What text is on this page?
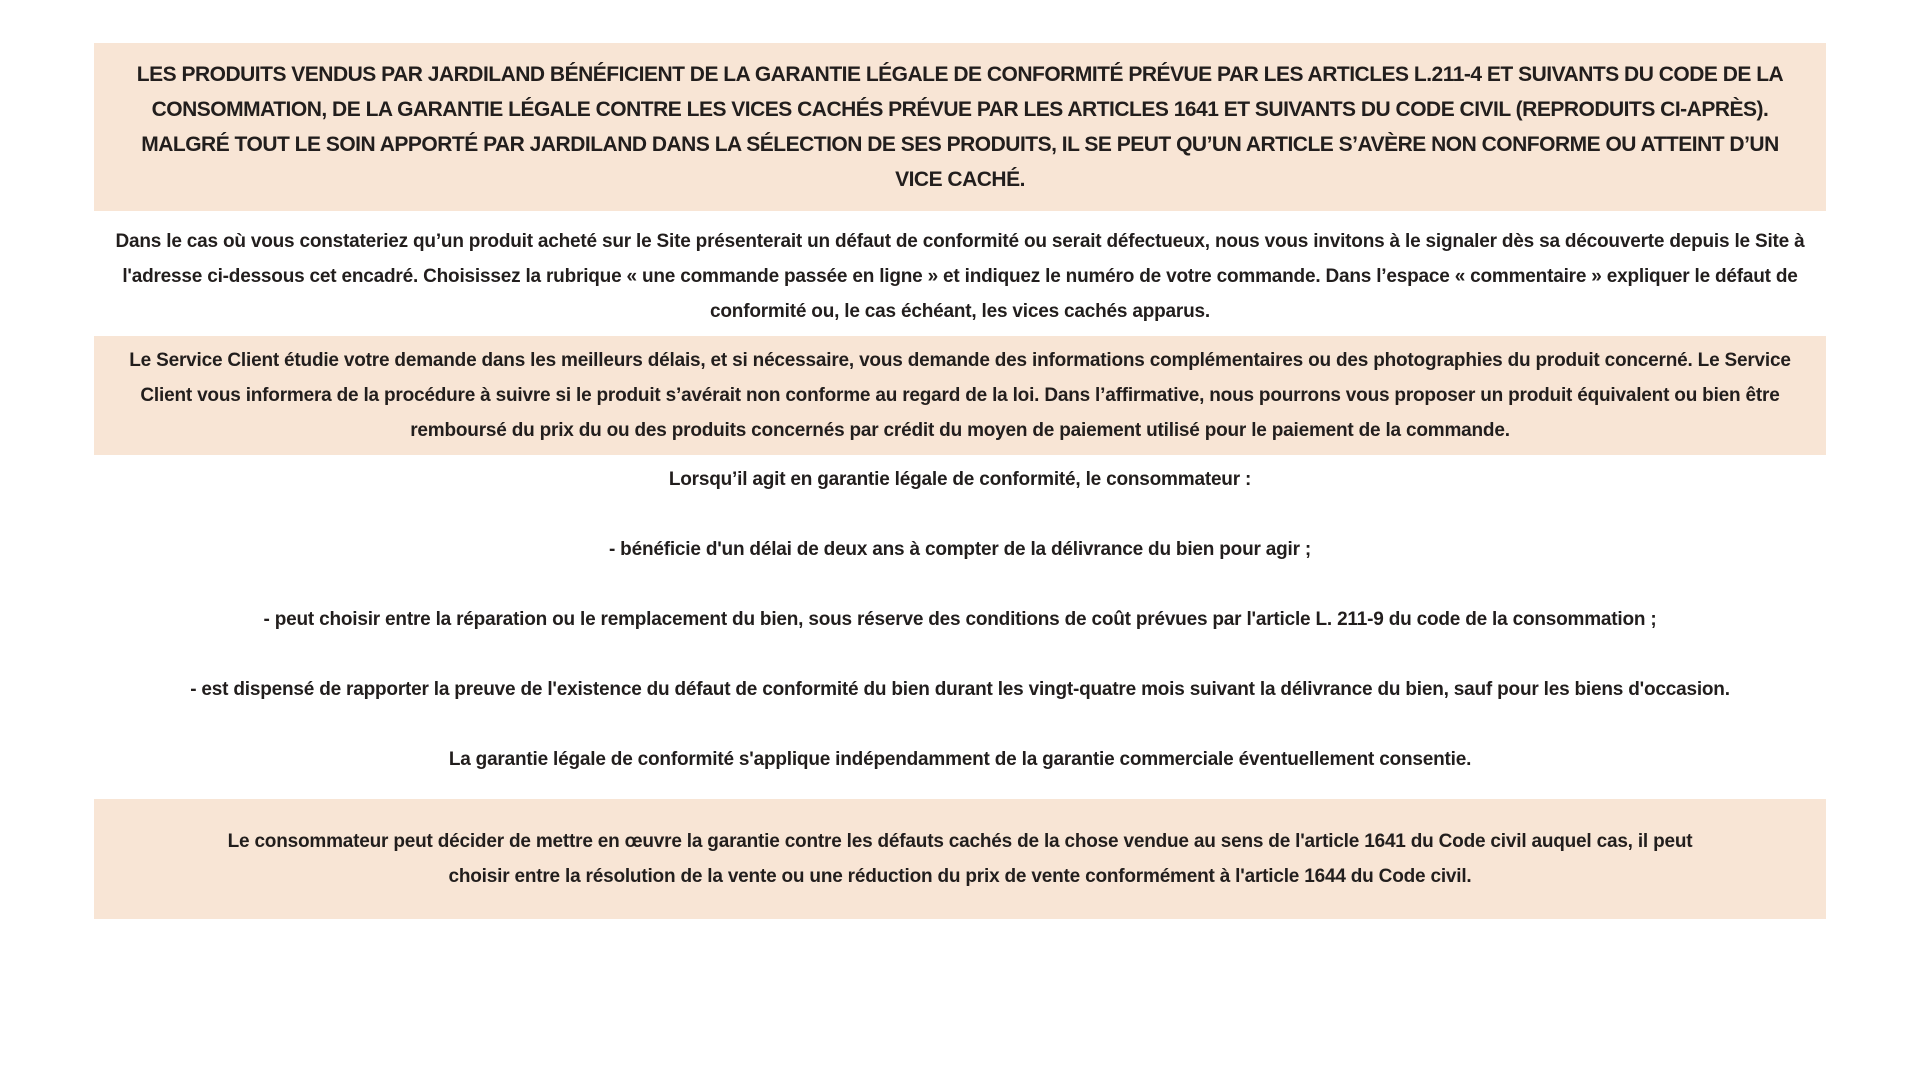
LES PRODUITS VENDUS PAR JARDILAND BÉNÉFICIENT DE LA GARANTIE LÉGALE DE CONFORMITÉ PRÉVUE PAR LES ARTICLES L.211-4 ET SUIVANTS DU CODE DE LA CONSOMMATION, DE LA GARANTIE LÉGALE CONTRE LES VICES CACHÉS PRÉVUE PAR LES ARTICLES 1641 ET SUIVANTS DU CODE CIVIL (REPRODUITS CI-APRÈS).

MALGRÉ TOUT LE SOIN APPORTÉ PAR JARDILAND DANS LA SÉLECTION DE SES PRODUITS, IL SE PEUT QU’UN ARTICLE S’AVÈRE NON CONFORME OU ATTEINT D’UN VICE CACHÉ.

Dans le cas où vous constateriez qu’un produit acheté sur le Site présenterait un défaut de conformité ou serait défectueux, nous vous invitons à le signaler dès sa découverte depuis le Site à l'adresse ci-dessous cet encadré. Choisissez la rubrique « une commande passée en ligne » et indiquez le numéro de votre commande. Dans l’espace « commentaire » expliquer le défaut de conformité ou, le cas échéant, les vices cachés apparus.

Le Service Client étudie votre demande dans les meilleurs délais, et si nécessaire, vous demande des informations complémentaires ou des photographies du produit concerné. Le Service Client vous informera de la procédure à suivre si le produit s’avérait non conforme au regard de la loi. Dans l’affirmative, nous pourrons vous proposer un produit équivalent ou bien être remboursé du prix du ou des produits concernés par crédit du moyen de paiement utilisé pour le paiement de la commande.

Lorsqu’il agit en garantie légale de conformité, le consommateur :

- bénéficie d'un délai de deux ans à compter de la délivrance du bien pour agir ;

- peut choisir entre la réparation ou le remplacement du bien, sous réserve des conditions de coût prévues par l'article L. 211-9 du code de la consommation ;

- est dispensé de rapporter la preuve de l'existence du défaut de conformité du bien durant les vingt-quatre mois suivant la délivrance du bien, sauf pour les biens d'occasion.

La garantie légale de conformité s'applique indépendamment de la garantie commerciale éventuellement consentie.

Le consommateur peut décider de mettre en œuvre la garantie contre les défauts cachés de la chose vendue au sens de l'article 1641 du Code civil auquel cas, il peut choisir entre la résolution de la vente ou une réduction du prix de vente conformément à l'article 1644 du Code civil.
